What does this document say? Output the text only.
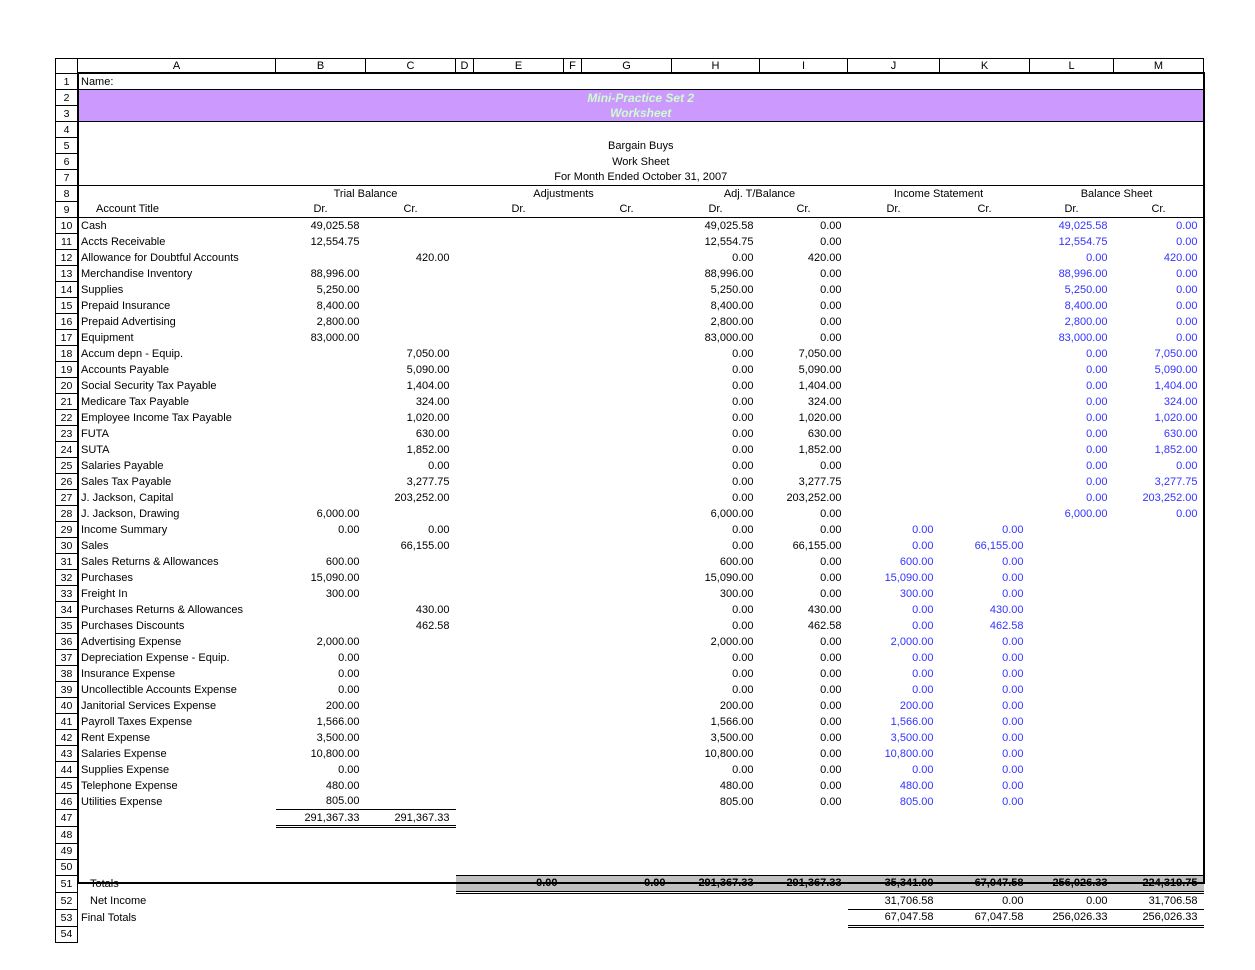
	A	B	C	D	E	F	G	H	I	J	K	L	M
1	Name:												
2	Mini-Practice Set 2
Worksheet												

3													
4													
5	Bargain Buys												
6	Work Sheet												
7	For Month Ended October 31, 2007												
8		Trial Balance		Adjustments				Adj. T/Balance		Income Statement		Balance Sheet	
9	Account Title	Dr.	Cr.		Dr.		Cr.	Dr.	Cr.	Dr.	Cr.	Dr.	Cr.
10	Cash	49,025.58						49,025.58	0.00			49,025.58	0.00
11	Accts Receivable	12,554.75						12,554.75	0.00			12,554.75	0.00
12	Allowance for Doubtful Accounts		420.00					0.00	420.00			0.00	420.00
13	Merchandise Inventory	88,996.00						88,996.00	0.00			88,996.00	0.00
14	Supplies	5,250.00						5,250.00	0.00			5,250.00	0.00
15	Prepaid Insurance	8,400.00						8,400.00	0.00			8,400.00	0.00
16	Prepaid Advertising	2,800.00						2,800.00	0.00			2,800.00	0.00
17	Equipment	83,000.00						83,000.00	0.00			83,000.00	0.00
18	Accum depn - Equip.		7,050.00					0.00	7,050.00			0.00	7,050.00
19	Accounts Payable		5,090.00					0.00	5,090.00			0.00	5,090.00
20	Social Security Tax Payable		1,404.00					0.00	1,404.00			0.00	1,404.00
21	Medicare Tax Payable		324.00					0.00	324.00			0.00	324.00
22	Employee Income Tax Payable		1,020.00					0.00	1,020.00			0.00	1,020.00
23	FUTA		630.00					0.00	630.00			0.00	630.00
24	SUTA		1,852.00					0.00	1,852.00			0.00	1,852.00
25	Salaries Payable		0.00					0.00	0.00			0.00	0.00
26	Sales Tax Payable		3,277.75					0.00	3,277.75			0.00	3,277.75
27	J. Jackson, Capital		203,252.00					0.00	203,252.00			0.00	203,252.00
28	J. Jackson, Drawing	6,000.00						6,000.00	0.00			6,000.00	0.00
29	Income Summary	0.00	0.00					0.00	0.00	0.00	0.00		
30	Sales		66,155.00					0.00	66,155.00	0.00	66,155.00		
31	Sales Returns & Allowances	600.00						600.00	0.00	600.00	0.00		
32	Purchases	15,090.00						15,090.00	0.00	15,090.00	0.00		
33	Freight In	300.00						300.00	0.00	300.00	0.00		
34	Purchases Returns & Allowances		430.00					0.00	430.00	0.00	430.00		
35	Purchases Discounts		462.58					0.00	462.58	0.00	462.58		
36	Advertising Expense	2,000.00						2,000.00	0.00	2,000.00	0.00		
37	Depreciation Expense - Equip.	0.00						0.00	0.00	0.00	0.00		
38	Insurance Expense	0.00						0.00	0.00	0.00	0.00		
39	Uncollectible Accounts Expense	0.00						0.00	0.00	0.00	0.00		
40	Janitorial Services Expense	200.00						200.00	0.00	200.00	0.00		
41	Payroll Taxes Expense	1,566.00						1,566.00	0.00	1,566.00	0.00		
42	Rent Expense	3,500.00						3,500.00	0.00	3,500.00	0.00		
43	Salaries Expense	10,800.00						10,800.00	0.00	10,800.00	0.00		
44	Supplies Expense	0.00						0.00	0.00	0.00	0.00		
45	Telephone Expense	480.00						480.00	0.00	480.00	0.00		
46	Utilities Expense	805.00						805.00	0.00	805.00	0.00		
47		291,367.33	291,367.33										
48													
49													
50													
51	Totals				0.00		0.00	291,367.33	291,367.33	35,341.00	67,047.58	256,026.33	224,319.75
52	Net Income									31,706.58	0.00	0.00	31,706.58
53	Final Totals									67,047.58	67,047.58	256,026.33	256,026.33
54													
